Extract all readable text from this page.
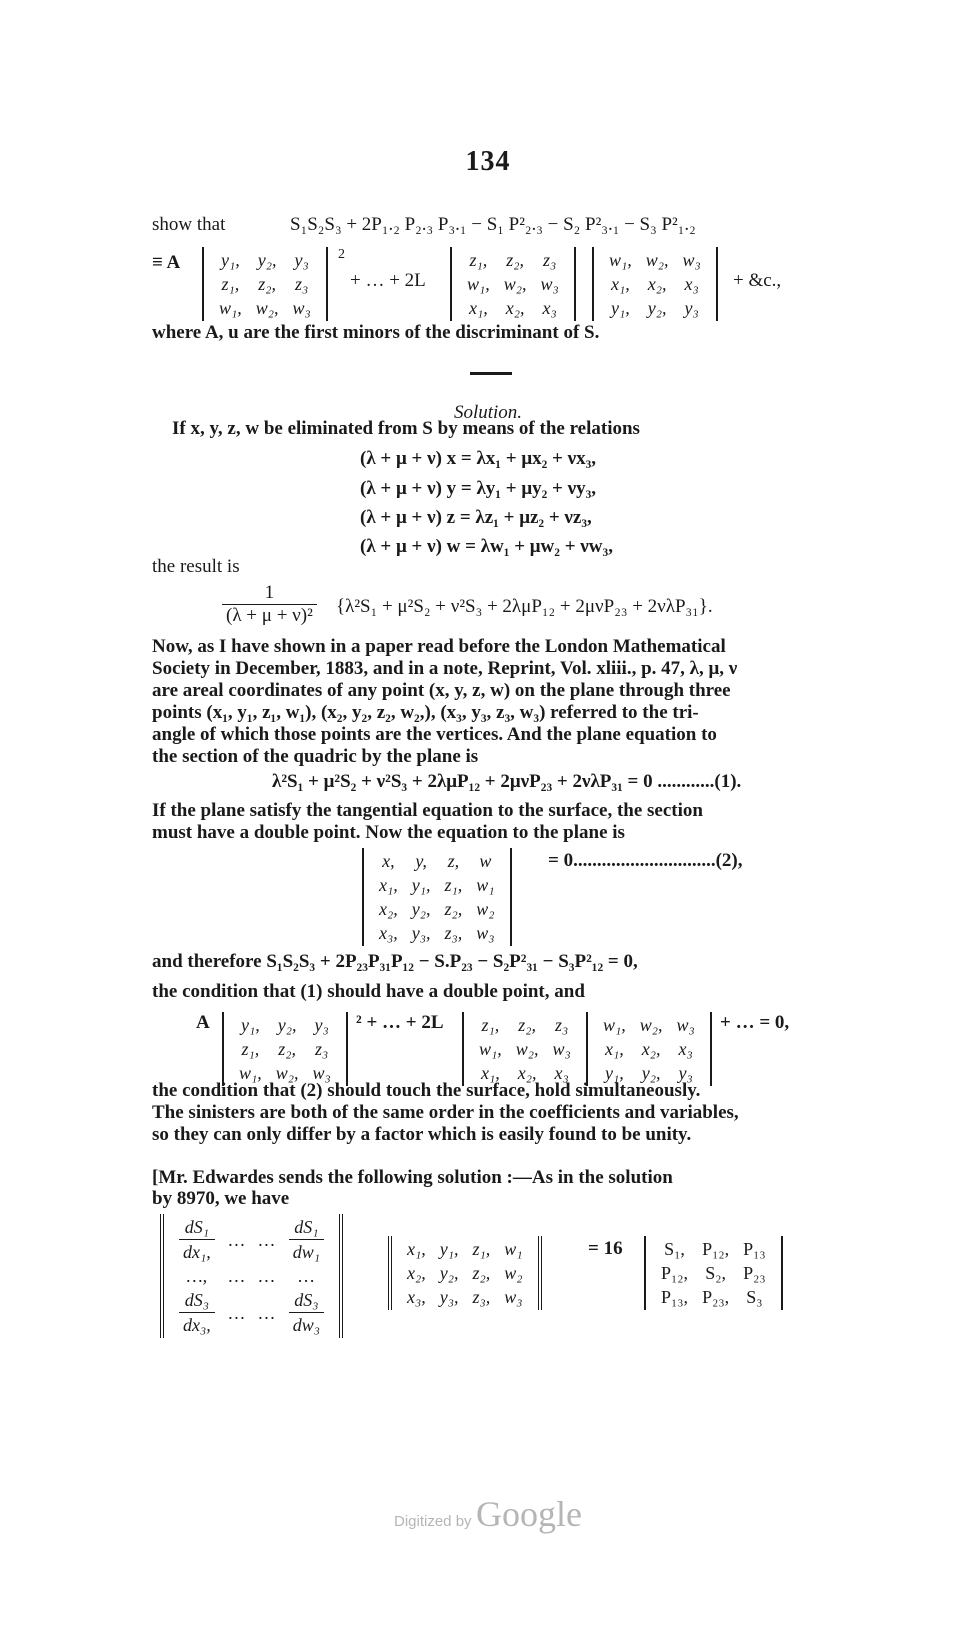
134
show that	S₁S₂S₃ + 2P₁.₂ P₂.₃ P₃.₁ − S₁ P²₂.₃ − S₂ P²₃.₁ − S₃ P²₁.₂
≡ A y₁,	y₂,	y₃
z₁,	z₂,	z₃
w₁,	w₂,	w₃
2
+ … + 2L
z₁,	z₂,	z₃
w₁,	w₂,	w₃
x₁,	x₂,	x₃
w₁,	w₂,	w₃
x₁,	x₂,	x₃
y₁,	y₂,	y₃
+ &c.,
where A, u are the first minors of the discriminant of S.
Solution.
If x, y, z, w be eliminated from S by means of the relations
(λ + μ + ν) x = λx₁ + μx₂ + νx₃,
(λ + μ + ν) y = λy₁ + μy₂ + νy₃,
(λ + μ + ν) z = λz₁ + μz₂ + νz₃,
(λ + μ + ν) w = λw₁ + μw₂ + νw₃,
the result is
$\frac{1}{\text{(λ + μ + ν)²}} \{\lambda^2S_1 + \mu^2S_2 + \nu^2S_3 + 2\lambda\mu P_{12} + 2\mu\nu P_{23} + 2\nu\lambda P_{31}\}$.
Now, as I have shown in a paper read before the London Mathematical
Society in December, 1883, and in a note, Reprint, Vol. xliii., p. 47, λ, μ, ν
are areal coordinates of any point (x, y, z, w) on the plane through three
points (x₁, y₁, z₁, w₁), (x₂, y₂, z₂, w₂,), (x₃, y₃, z₃, w₃) referred to the tri-
angle of which those points are the vertices. And the plane equation to
the section of the quadric by the plane is
λ²S₁ + μ²S₂ + ν²S₃ + 2λμP₁₂ + 2μνP₂₃ + 2νλP₃₁ = 0 ............(1).
If the plane satisfy the tangential equation to the surface, the section
must have a double point. Now the equation to the plane is
x,	y,	z,	w
x₁,	y₁,	z₁,	w₁
x₂,	y₂,	z₂,	w₂
x₃,	y₃,	z₃,	w₃
= 0..............................(2),
and therefore S₁S₂S₃ + 2P₂₃P₃₁P₁₂ − S.P₂₃ − S₂P²₃₁ − S₃P²₁₂ = 0,
the condition that (1) should have a double point, and
A y₁,	y₂,	y₃
z₁,	z₂,	z₃
w₁,	w₂,	w₃
² + … + 2L z₁,	z₂,	z₃
w₁,	w₂,	w₃
x₁,	x₂,	x₃
w₁,	w₂,	w₃
x₁,	x₂,	x₃
y₁,	y₂,	y₃
+ … = 0,
the condition that (2) should touch the surface, hold simultaneously.
The sinisters are both of the same order in the coefficients and variables,
so they can only differ by a factor which is easily found to be unity.
[Mr. Edwardes sends the following solution :—As in the solution
by 8970, we have
$\frac{\text{dS₁}}{\text{dx₁,}}$	…	…	$\frac{\text{dS₁}}{\text{dw₁}}$

…,	…	…	…

$\frac{\text{dS₃}}{\text{dx₃,}}$	…	…	$\frac{\text{dS₃}}{\text{dw₃}}$
x₁,	y₁,	z₁,	w₁
x₂,	y₂,	z₂,	w₂
x₃,	y₃,	z₃,	w₃
= 16 S₁,	P₁₂,	P₁₃
P₁₂,	S₂,	P₂₃
P₁₃,	P₂₃,	S₃
Digitized by Google
